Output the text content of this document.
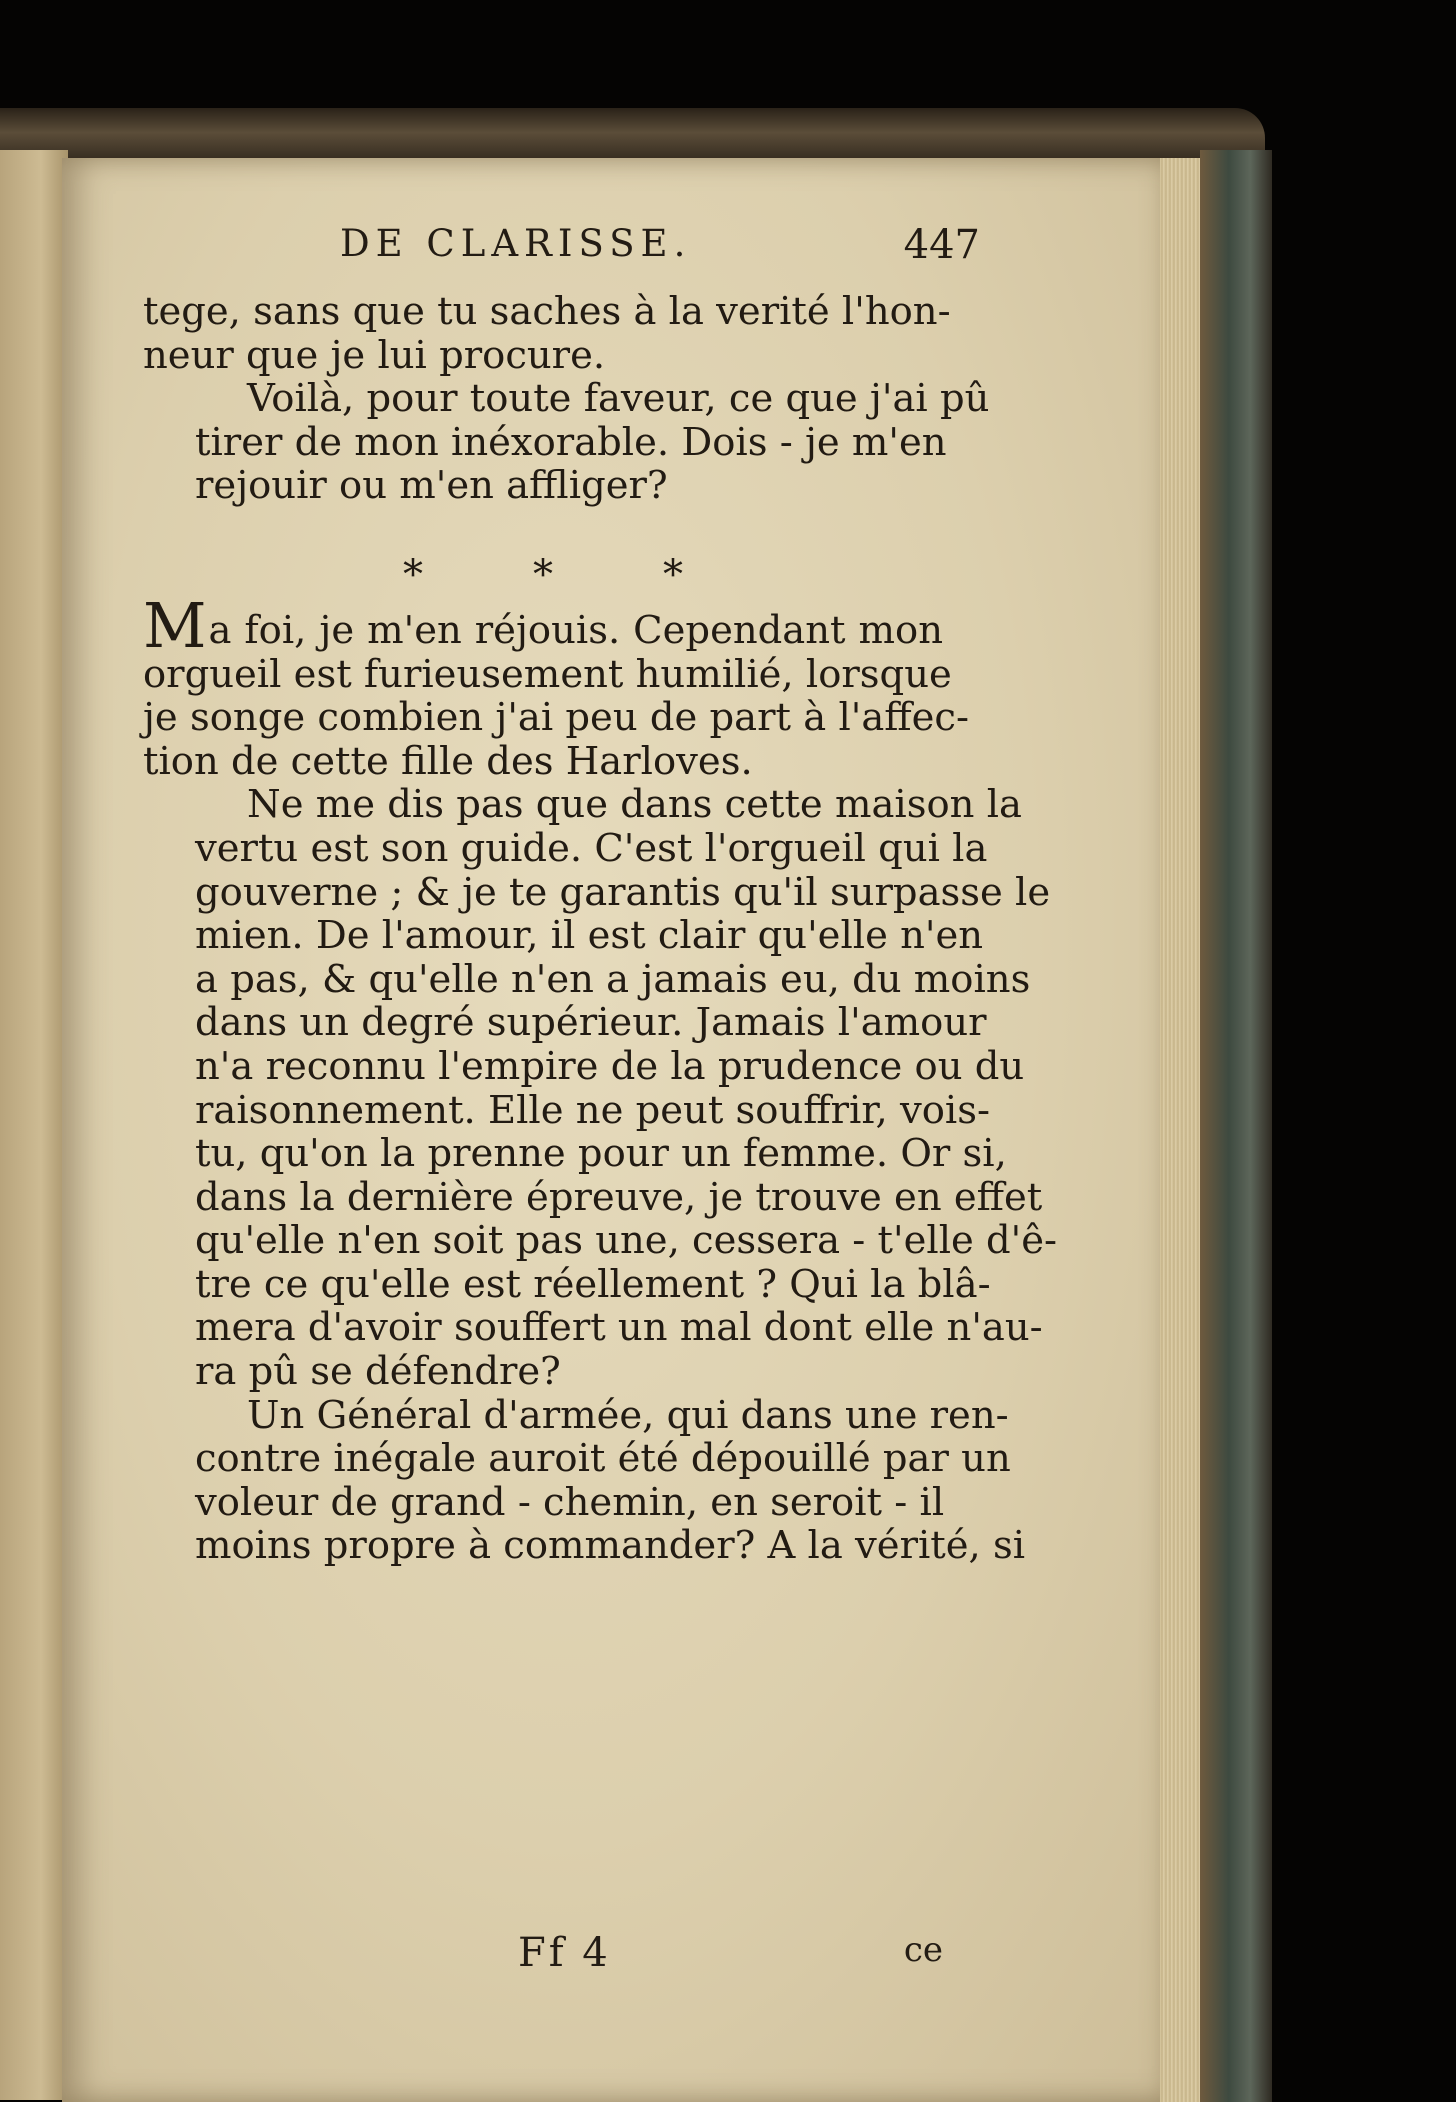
DE CLARISSE.	447
tege, sans que tu saches à la verité l'hon-
neur que je lui procure.
Voilà, pour toute faveur, ce que j'ai pû
tirer de mon inéxorable. Dois - je m'en
rejouir ou m'en affliger?
*	*	*
Ma foi, je m'en réjouis. Cependant mon
orgueil est furieusement humilié, lorsque
je songe combien j'ai peu de part à l'affec-
tion de cette fille des Harloves.
Ne me dis pas que dans cette maison la
vertu est son guide. C'est l'orgueil qui la
gouverne ; & je te garantis qu'il surpasse le
mien. De l'amour, il est clair qu'elle n'en
a pas, & qu'elle n'en a jamais eu, du moins
dans un degré supérieur. Jamais l'amour
n'a reconnu l'empire de la prudence ou du
raisonnement. Elle ne peut souffrir, vois-
tu, qu'on la prenne pour un femme. Or si,
dans la dernière épreuve, je trouve en effet
qu'elle n'en soit pas une, cessera - t'elle d'ê-
tre ce qu'elle est réellement ? Qui la blâ-
mera d'avoir souffert un mal dont elle n'au-
ra pû se défendre?
Un Général d'armée, qui dans une ren-
contre inégale auroit été dépouillé par un
voleur de grand - chemin, en seroit - il
moins propre à commander? A la vérité, si
Ff 4	ce
